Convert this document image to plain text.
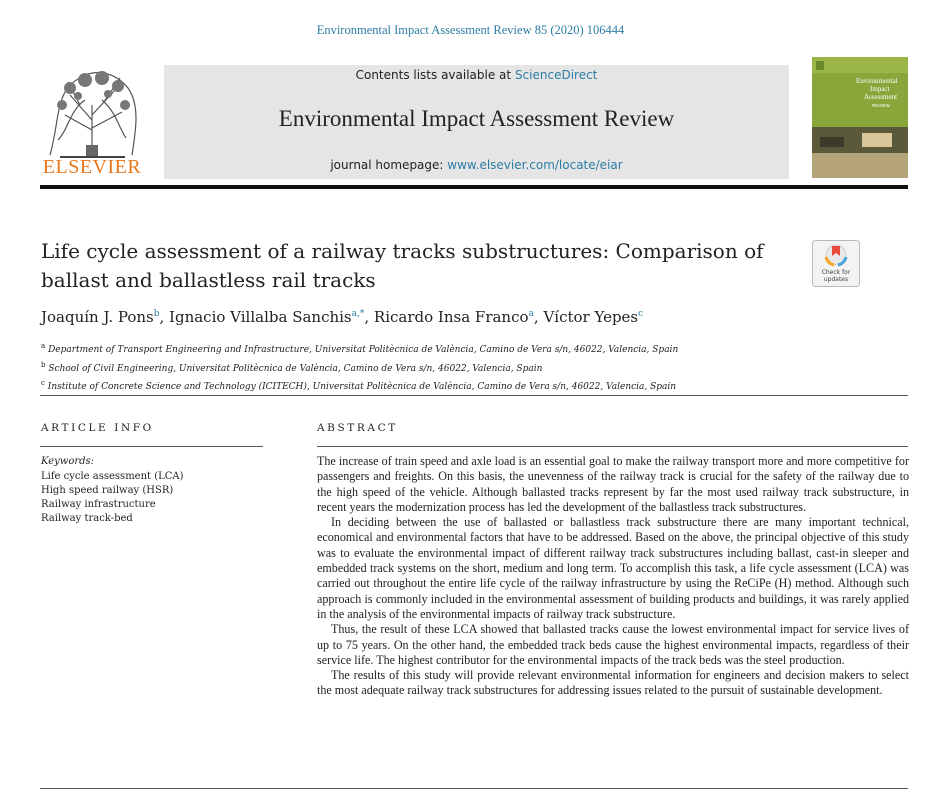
Environmental Impact Assessment Review 85 (2020) 106444
ELSEVIER
Contents lists available at ScienceDirect
Environmental Impact Assessment Review
journal homepage: www.elsevier.com/locate/eiar
Environmental
Impact
Assessment
REVIEW
Life cycle assessment of a railway tracks substructures: Comparison of ballast and ballastless rail tracks	Check for
updates
Joaquín J. Pons$^b$, Ignacio Villalba Sanchis$^{a,*}$, Ricardo Insa Franco$^a$, Víctor Yepes$^c$
$^a$ Department of Transport Engineering and Infrastructure, Universitat Politècnica de València, Camino de Vera s/n, 46022, Valencia, Spain
$^b$ School of Civil Engineering, Universitat Politècnica de València, Camino de Vera s/n, 46022, Valencia, Spain
$^c$ Institute of Concrete Science and Technology (ICITECH), Universitat Politècnica de València, Camino de Vera s/n, 46022, Valencia, Spain
ARTICLE INFO	ABSTRACT
Keywords:
Life cycle assessment (LCA)
High speed railway (HSR)
Railway infrastructure
Railway track-bed

The increase of train speed and axle load is an essential goal to make the railway transport more and more competitive for passengers and freights. On this basis, the unevenness of the railway track is crucial for the safety of the railway due to the high speed of the vehicle. Although ballasted tracks represent by far the most used railway track substructure, in recent years the modernization process has led the development of the ballastless track substructures.

In deciding between the use of ballasted or ballastless track substructure there are many important technical, economical and environmental factors that have to be addressed. Based on the above, the principal objective of this study was to evaluate the environmental impact of different railway track substructures including ballast, cast-in sleeper and embedded track systems on the short, medium and long term. To accomplish this task, a life cycle assessment (LCA) was carried out throughout the entire life cycle of the railway infrastructure by using the ReCiPe (H) method. Although such approach is commonly included in the environmental assessment of building products and buildings, it was rarely applied in the analysis of the environmental impacts of railway track substructure.

Thus, the result of these LCA showed that ballasted tracks cause the lowest environmental impact for service lives of up to 75 years. On the other hand, the embedded track beds cause the highest environmental impacts, regardless of their service life. The highest contributor for the environmental impacts of the track beds was the steel production.

The results of this study will provide relevant environmental information for engineers and decision makers to select the most adequate railway track substructures for addressing issues related to the pursuit of sustainable development.
